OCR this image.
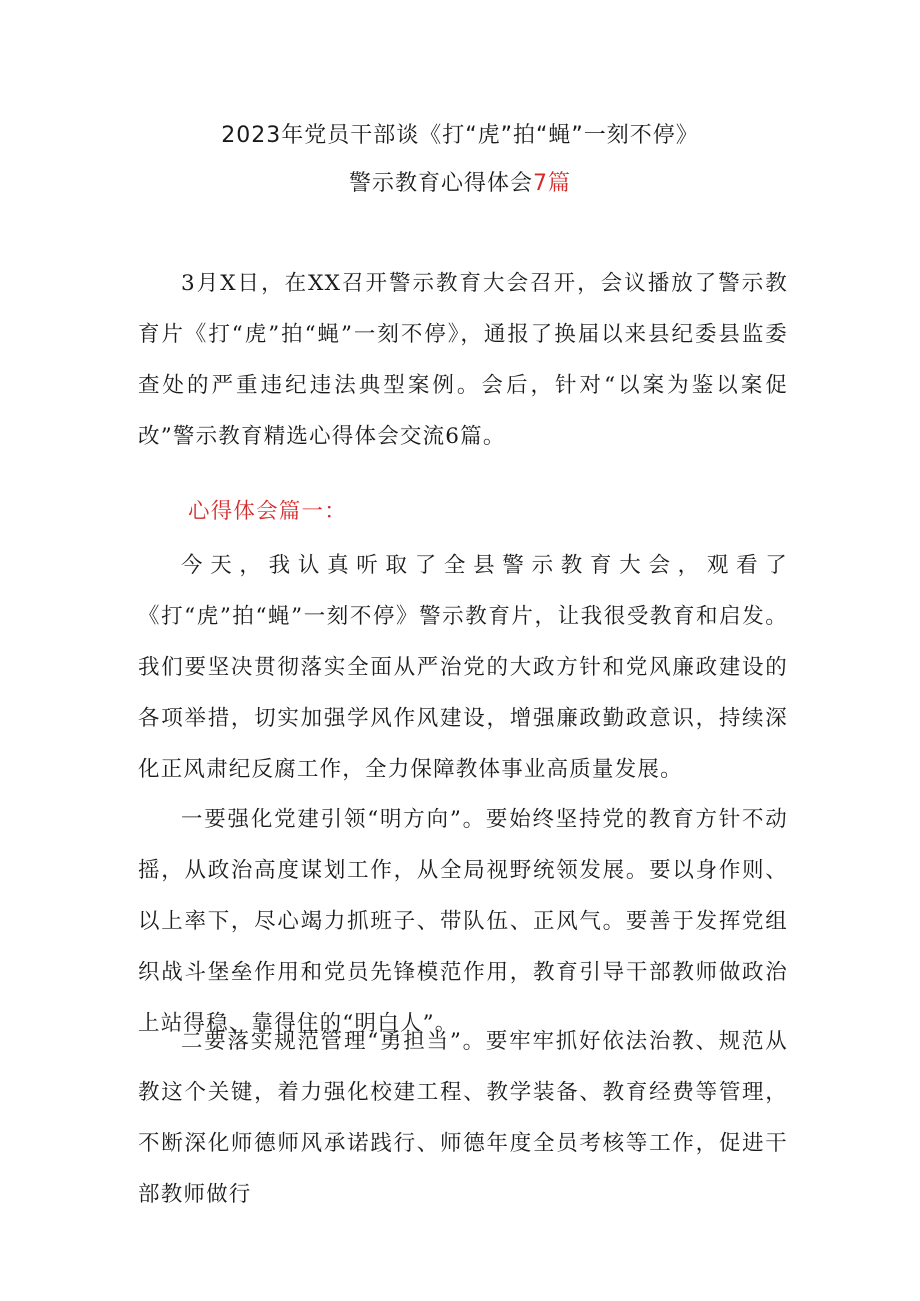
2023年党员干部谈《打“虎”拍“蝇”一刻不停》
警示教育心得体会7篇

3月X日，在XX召开警示教育大会召开，会议播放了警示教育片《打“虎”拍“蝇”一刻不停》，通报了换届以来县纪委县监委查处的严重违纪违法典型案例。会后，针对“以案为鉴以案促改”警示教育精选心得体会交流6篇。

心得体会篇一：

今天，我认真听取了全县警示教育大会，观看了《打“虎”拍“蝇”一刻不停》警示教育片，让我很受教育和启发。我们要坚决贯彻落实全面从严治党的大政方针和党风廉政建设的各项举措，切实加强学风作风建设，增强廉政勤政意识，持续深化正风肃纪反腐工作，全力保障教体事业高质量发展。

一要强化党建引领“明方向”。要始终坚持党的教育方针不动摇，从政治高度谋划工作，从全局视野统领发展。要以身作则、以上率下，尽心竭力抓班子、带队伍、正风气。要善于发挥党组织战斗堡垒作用和党员先锋模范作用，教育引导干部教师做政治上站得稳、靠得住的“明白人”。

二要落实规范管理“勇担当”。要牢牢抓好依法治教、规范从教这个关键，着力强化校建工程、教学装备、教育经费等管理，不断深化师德师风承诺践行、师德年度全员考核等工作，促进干部教师做行
